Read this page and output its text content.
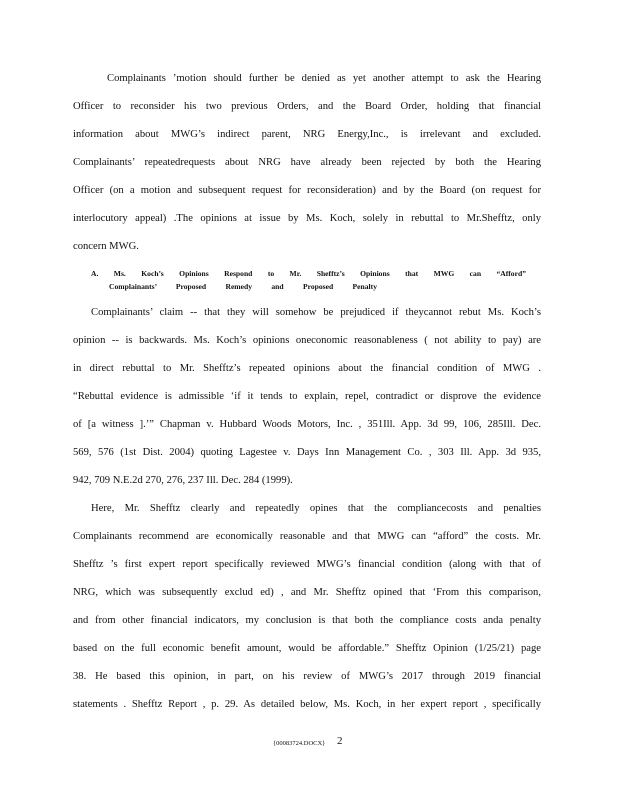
Complainants ’motion should further be denied as yet another attempt to ask the Hearing
Officer to reconsider his two previous Orders, and the Board Order, holding that financial
information about MWG’s indirect parent, NRG Energy,Inc., is irrelevant and excluded.
Complainants’ repeatedrequests about NRG have already been rejected by both the Hearing
Officer (on a motion and subsequent request for reconsideration) and by the Board (on request for
interlocutory appeal) .The opinions at issue by Ms. Koch, solely in rebuttal to Mr.Shefftz, only
concern MWG.
A. Ms. Koch’s Opinions Respond to Mr. Shefftz’s Opinions that MWG can “Afford”
Complainants’ Proposed Remedy and Proposed Penalty
Complainants’ claim -- that they will somehow be prejudiced if theycannot rebut Ms. Koch’s
opinion -- is backwards. Ms. Koch’s opinions oneconomic reasonableness ( not ability to pay) are
in direct rebuttal to Mr. Shefftz’s repeated opinions about the financial condition of MWG .
“Rebuttal evidence is admissible ‘if it tends to explain, repel, contradict or disprove the evidence
of [a witness ].’” Chapman v. Hubbard Woods Motors, Inc. , 351Ill. App. 3d 99, 106, 285Ill. Dec.
569, 576 (1st Dist. 2004) quoting Lagestee v. Days Inn Management Co. , 303 Ill. App. 3d 935,
942, 709 N.E.2d 270, 276, 237 Ill. Dec. 284 (1999).
Here, Mr. Shefftz clearly and repeatedly opines that the compliancecosts and penalties
Complainants recommend are economically reasonable and that MWG can “afford” the costs. Mr.
Shefftz ’s first expert report specifically reviewed MWG’s financial condition (along with that of
NRG, which was subsequently exclud ed) , and Mr. Shefftz opined that ‘From this comparison,
and from other financial indicators, my conclusion is that both the compliance costs anda penalty
based on the full economic benefit amount, would be affordable.” Shefftz Opinion (1/25/21) page
38. He based this opinion, in part, on his review of MWG’s 2017 through 2019 financial
statements . Shefftz Report , p. 29. As detailed below, Ms. Koch, in her expert report , specifically
{00083724.DOCX} 2
